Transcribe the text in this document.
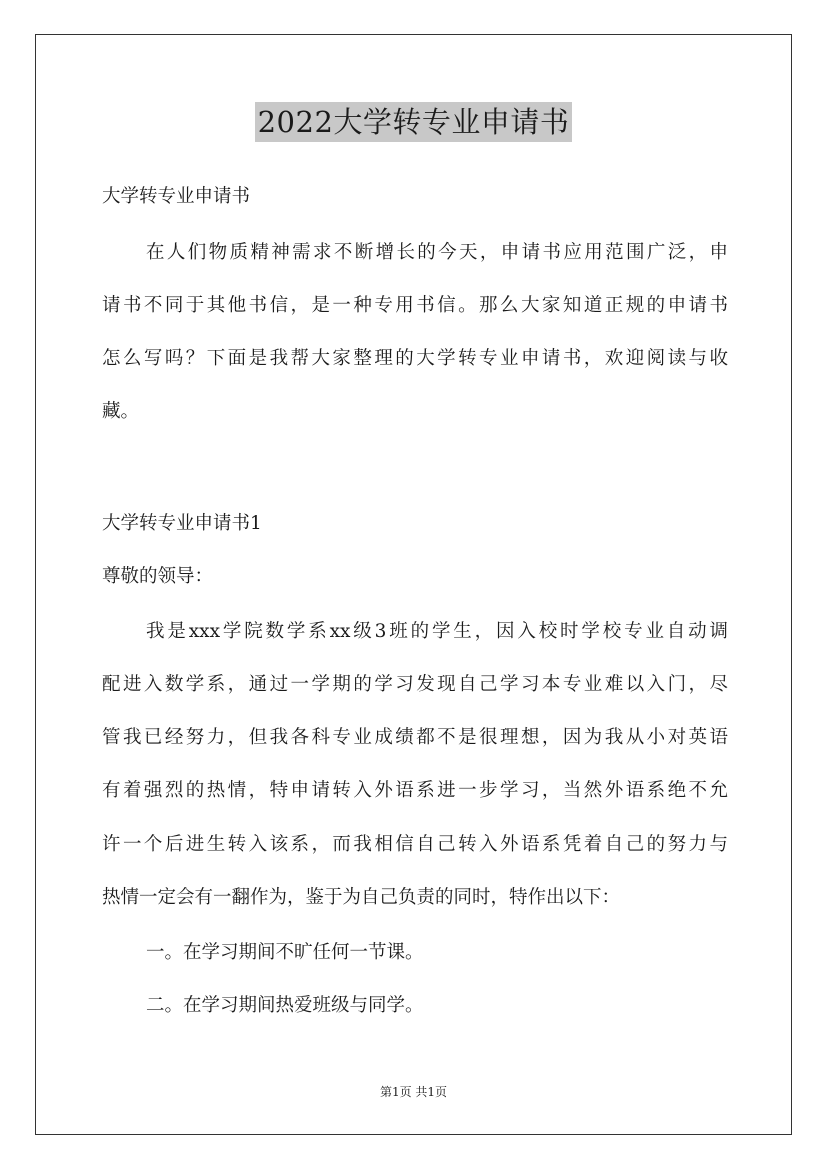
2022大学转专业申请书
大学转专业申请书
在人们物质精神需求不断增长的今天，申请书应用范围广泛，申
请书不同于其他书信，是一种专用书信。那么大家知道正规的申请书
怎么写吗？下面是我帮大家整理的大学转专业申请书，欢迎阅读与收
藏。
大学转专业申请书1
尊敬的领导：
我是xxx学院数学系xx级3班的学生，因入校时学校专业自动调
配进入数学系，通过一学期的学习发现自己学习本专业难以入门，尽
管我已经努力，但我各科专业成绩都不是很理想，因为我从小对英语
有着强烈的热情，特申请转入外语系进一步学习，当然外语系绝不允
许一个后进生转入该系，而我相信自己转入外语系凭着自己的努力与
热情一定会有一翻作为，鉴于为自己负责的同时，特作出以下：
一。在学习期间不旷任何一节课。
二。在学习期间热爱班级与同学。
第1页 共1页
